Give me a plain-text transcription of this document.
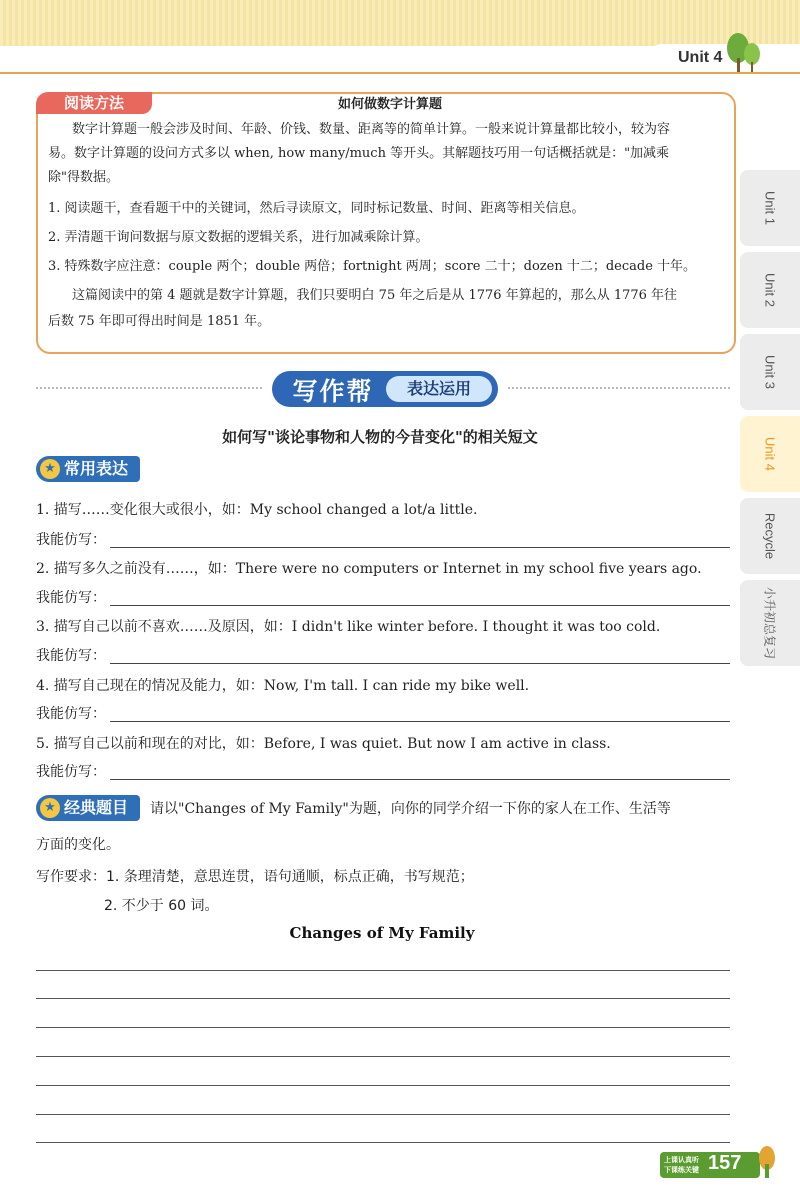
Unit 4
阅读方法	如何做数字计算题
数字计算题一般会涉及时间、年龄、价钱、数量、距离等的简单计算。一般来说计算量都比较小，较为容
易。数字计算题的设问方式多以 when, how many/much 等开头。其解题技巧用一句话概括就是："加减乘
除"得数据。
1. 阅读题干，查看题干中的关键词，然后寻读原文，同时标记数量、时间、距离等相关信息。
2. 弄清题干询问数据与原文数据的逻辑关系，进行加减乘除计算。
3. 特殊数字应注意：couple 两个；double 两倍；fortnight 两周；score 二十；dozen 十二；decade 十年。
这篇阅读中的第 4 题就是数字计算题，我们只要明白 75 年之后是从 1776 年算起的，那么从 1776 年往
后数 75 年即可得出时间是 1851 年。
写作帮	表达运用
如何写"谈论事物和人物的今昔变化"的相关短文
★ 常用表达
1. 描写……变化很大或很小，如：My school changed a lot/a little.
我能仿写：
2. 描写多久之前没有……，如：There were no computers or Internet in my school five years ago.
我能仿写：
3. 描写自己以前不喜欢……及原因，如：I didn't like winter before. I thought it was too cold.
我能仿写：
4. 描写自己现在的情况及能力，如：Now, I'm tall. I can ride my bike well.
我能仿写：
5. 描写自己以前和现在的对比，如：Before, I was quiet. But now I am active in class.
我能仿写：
★ 经典题目	请以"Changes of My Family"为题，向你的同学介绍一下你的家人在工作、生活等
方面的变化。
写作要求：1. 条理清楚，意思连贯，语句通顺，标点正确，书写规范；
2. 不少于 60 词。
Changes of My Family
Unit 1
Unit 2
Unit 3
Unit 4
Recycle
小升初总复习
上课认真听 下课练关键 157
